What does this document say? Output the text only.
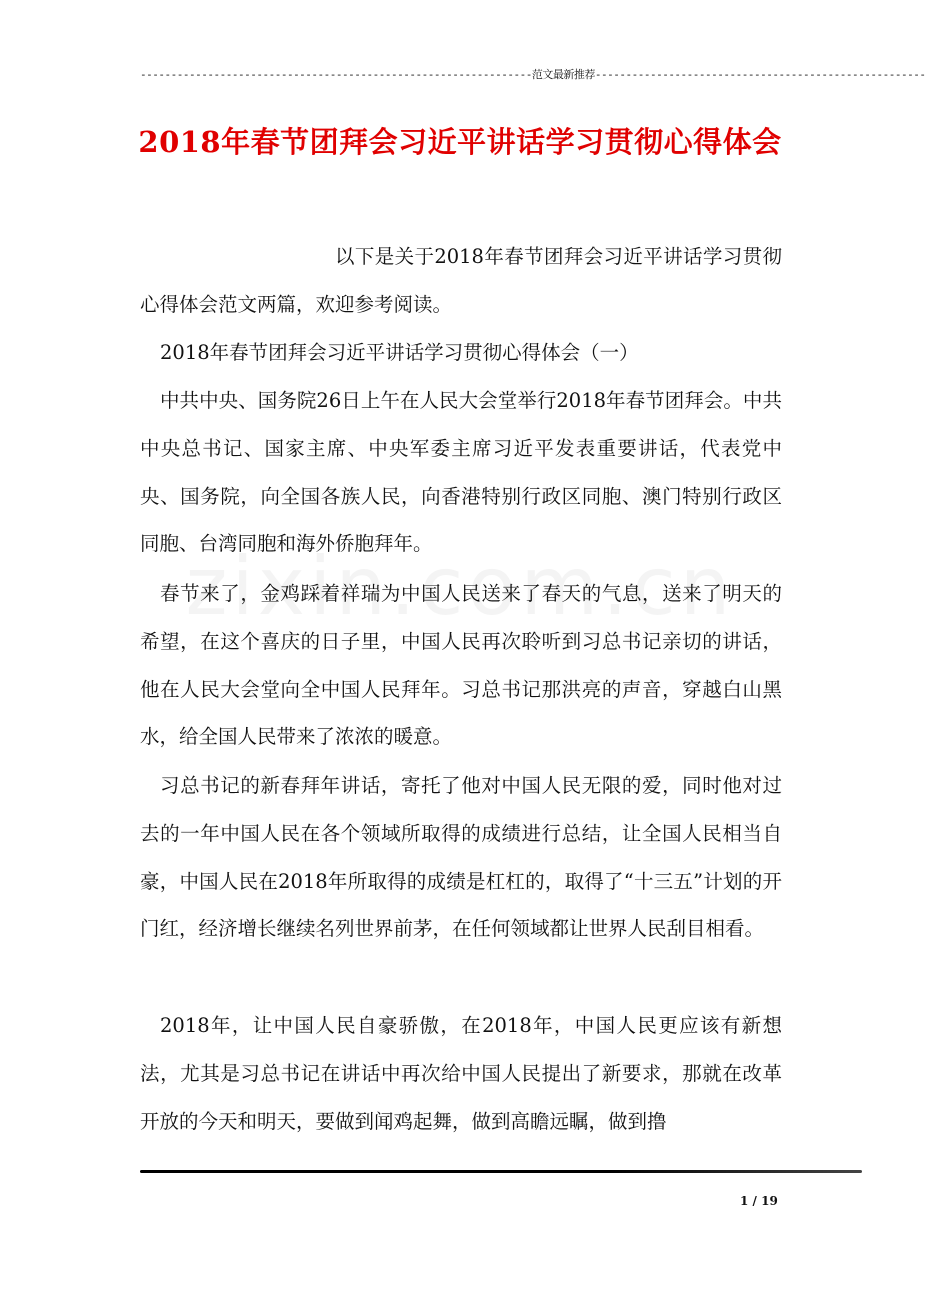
----------------------------------------------------------------范文最新推荐------------------------------------------------------
2018年春节团拜会习近平讲话学习贯彻心得体会
以下是关于2018年春节团拜会习近平讲话学习贯彻心得体会范文两篇，欢迎参考阅读。
2018年春节团拜会习近平讲话学习贯彻心得体会（一）
中共中央、国务院26日上午在人民大会堂举行2018年春节团拜会。中共中央总书记、国家主席、中央军委主席习近平发表重要讲话，代表党中央、国务院，向全国各族人民，向香港特别行政区同胞、澳门特别行政区同胞、台湾同胞和海外侨胞拜年。
春节来了，金鸡踩着祥瑞为中国人民送来了春天的气息，送来了明天的希望，在这个喜庆的日子里，中国人民再次聆听到习总书记亲切的讲话，他在人民大会堂向全中国人民拜年。习总书记那洪亮的声音，穿越白山黑水，给全国人民带来了浓浓的暖意。
习总书记的新春拜年讲话，寄托了他对中国人民无限的爱，同时他对过去的一年中国人民在各个领域所取得的成绩进行总结，让全国人民相当自豪，中国人民在2018年所取得的成绩是杠杠的，取得了“十三五”计划的开门红，经济增长继续名列世界前茅，在任何领域都让世界人民刮目相看。
2018年，让中国人民自豪骄傲，在2018年，中国人民更应该有新想法，尤其是习总书记在讲话中再次给中国人民提出了新要求，那就在改革开放的今天和明天，要做到闻鸡起舞，做到高瞻远瞩，做到撸
1 / 19
